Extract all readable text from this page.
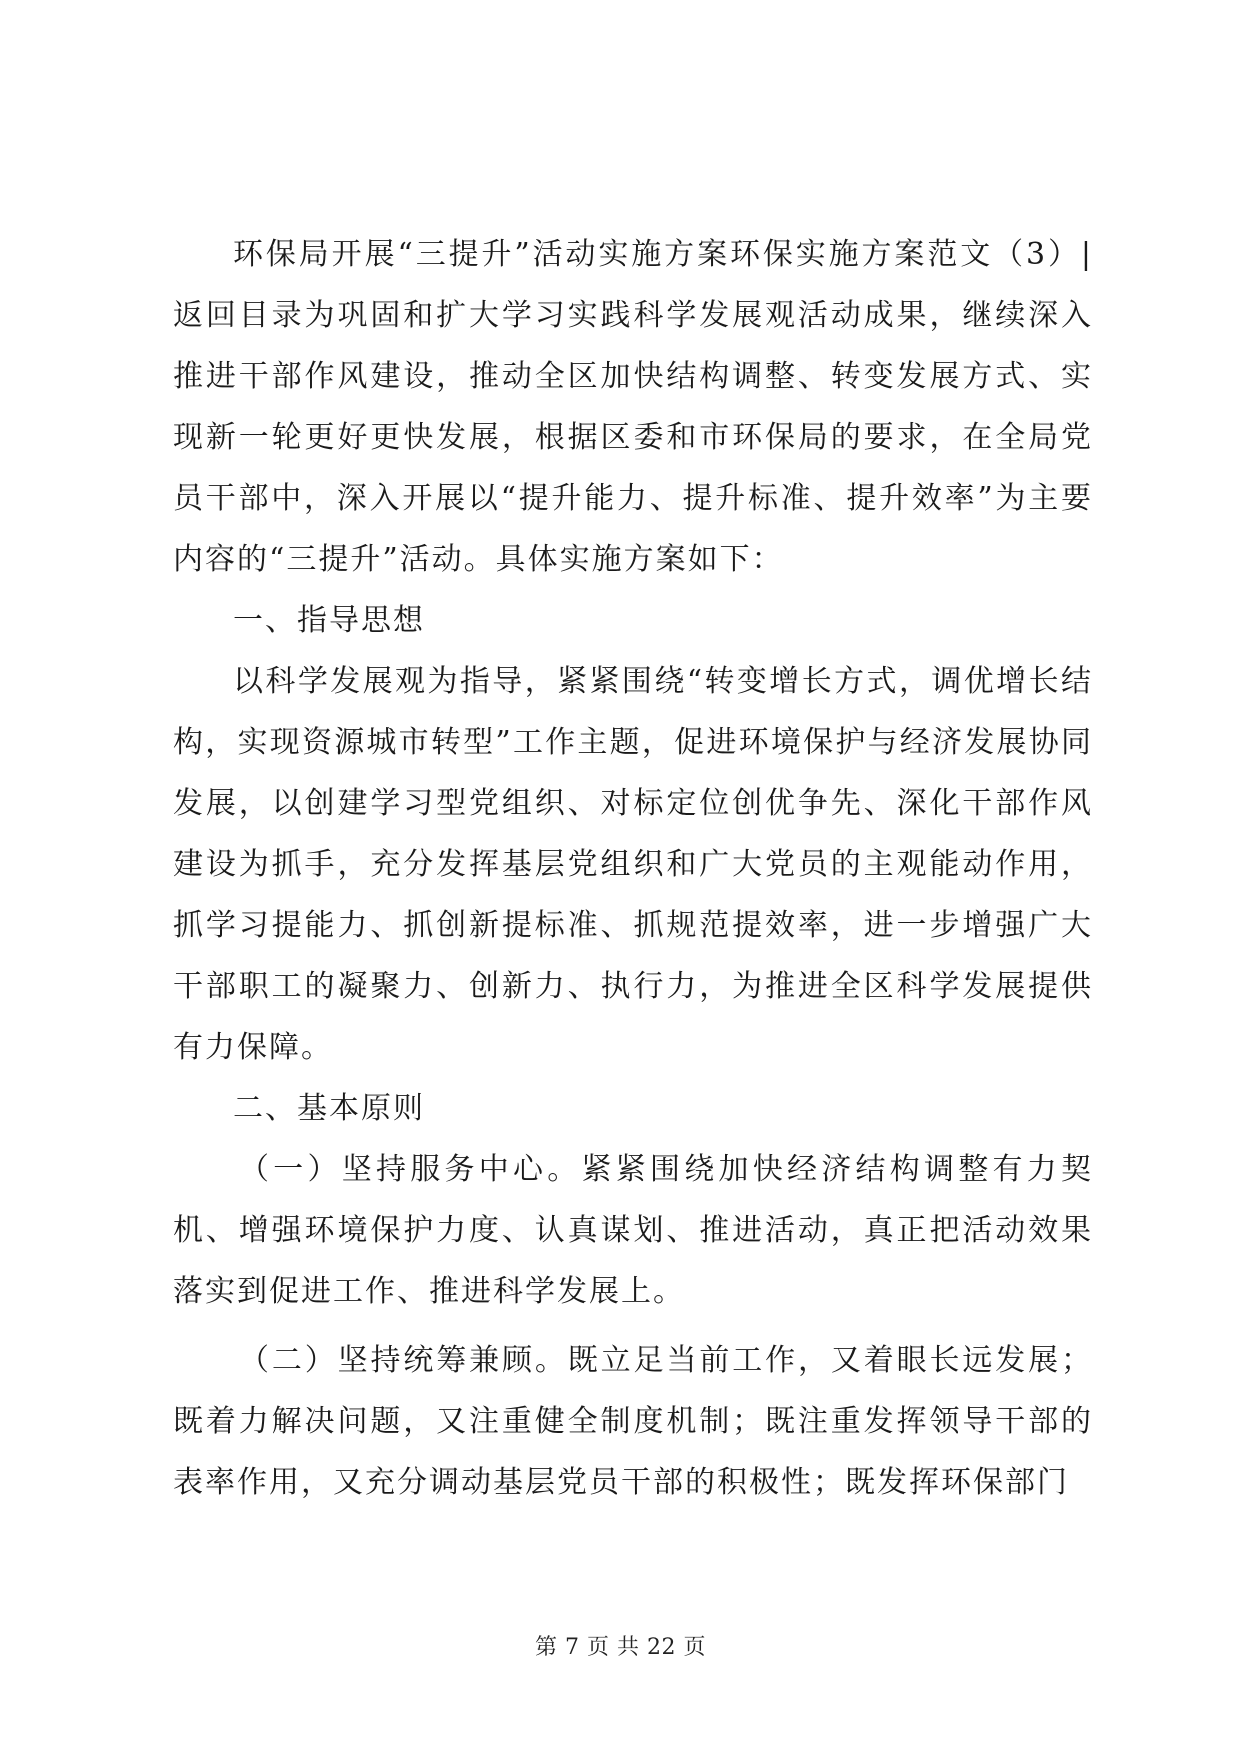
环保局开展“三提升”活动实施方案环保实施方案范文（3）|返回目录为巩固和扩大学习实践科学发展观活动成果，继续深入推进干部作风建设，推动全区加快结构调整、转变发展方式、实现新一轮更好更快发展，根据区委和市环保局的要求，在全局党员干部中，深入开展以“提升能力、提升标准、提升效率”为主要内容的“三提升”活动。具体实施方案如下：

一、指导思想

以科学发展观为指导，紧紧围绕“转变增长方式，调优增长结构，实现资源城市转型”工作主题，促进环境保护与经济发展协同发展，以创建学习型党组织、对标定位创优争先、深化干部作风建设为抓手，充分发挥基层党组织和广大党员的主观能动作用，抓学习提能力、抓创新提标准、抓规范提效率，进一步增强广大干部职工的凝聚力、创新力、执行力，为推进全区科学发展提供有力保障。

二、基本原则

（一）坚持服务中心。紧紧围绕加快经济结构调整有力契机、增强环境保护力度、认真谋划、推进活动，真正把活动效果落实到促进工作、推进科学发展上。

（二）坚持统筹兼顾。既立足当前工作，又着眼长远发展；既着力解决问题，又注重健全制度机制；既注重发挥领导干部的表率作用，又充分调动基层党员干部的积极性；既发挥环保部门

第 7 页 共 22 页
